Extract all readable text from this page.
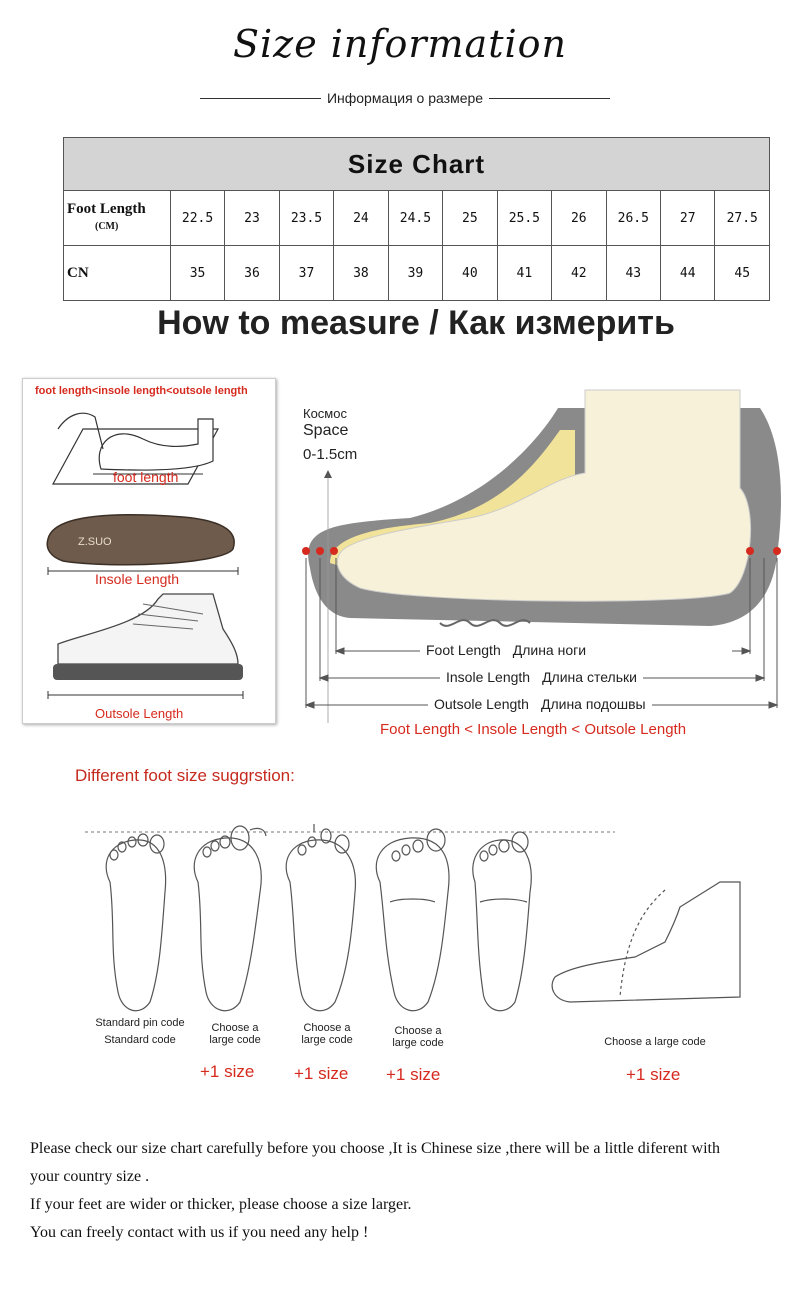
Size information
Информация о размере
Size Chart											
Foot Length
(CM)	22.5	23	23.5	24	24.5	25	25.5	26	26.5	27	27.5
CN	35	36	37	38	39	40	41	42	43	44	45
How to measure / Как измерить
foot length<insole length<outsole length
Z.SUO
foot length
Insole Length
Outsole Length
Космос
Space
0-1.5cm
Foot Length Длина ноги
Insole Length Длина стельки
Outsole Length Длина подошвы
Foot Length < Insole Length < Outsole Length
Different foot size suggrstion:
Standard pin code
Standard code
Choose a
large code
Choose a
large code
Choose a
large code	Choose a large code
+1 size +1 size +1 size	+1 size
Please check our size chart carefully before you choose ,It is Chinese size ,there will be a little diferent with
your country size .
If your feet are wider or thicker, please choose a size larger.
You can freely contact with us if you need any help !
